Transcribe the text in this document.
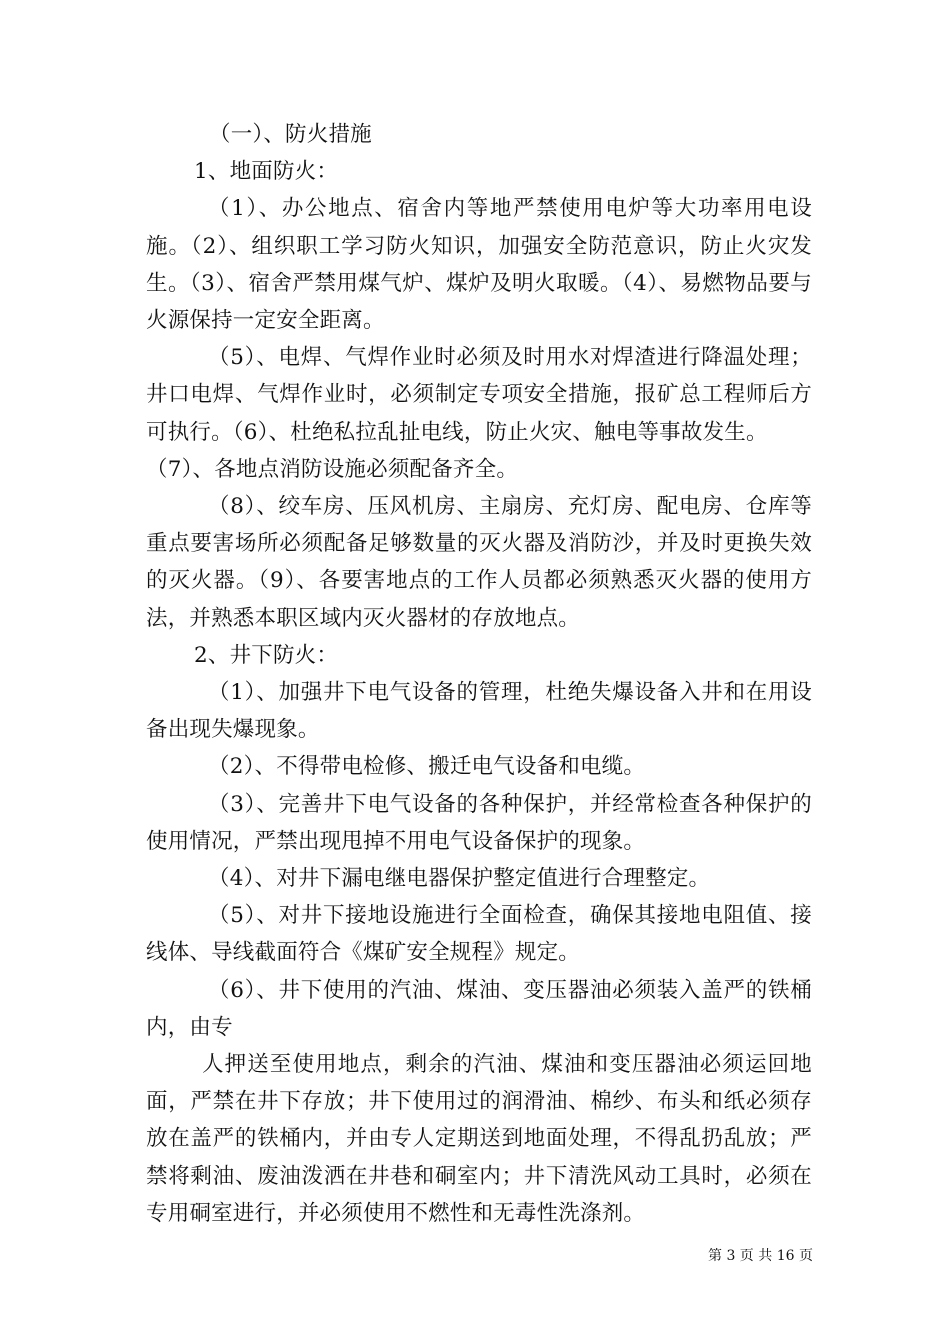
（一）、防火措施

1、地面防火：

（1）、办公地点、宿舍内等地严禁使用电炉等大功率用电设施。（2）、组织职工学习防火知识，加强安全防范意识，防止火灾发生。（3）、宿舍严禁用煤气炉、煤炉及明火取暖。（4）、易燃物品要与火源保持一定安全距离。

（5）、电焊、气焊作业时必须及时用水对焊渣进行降温处理；井口电焊、气焊作业时，必须制定专项安全措施，报矿总工程师后方可执行。（6）、杜绝私拉乱扯电线，防止火灾、触电等事故发生。

（7）、各地点消防设施必须配备齐全。

（8）、绞车房、压风机房、主扇房、充灯房、配电房、仓库等重点要害场所必须配备足够数量的灭火器及消防沙，并及时更换失效的灭火器。（9）、各要害地点的工作人员都必须熟悉灭火器的使用方法，并熟悉本职区域内灭火器材的存放地点。

2、井下防火：

（1）、加强井下电气设备的管理，杜绝失爆设备入井和在用设备出现失爆现象。

（2）、不得带电检修、搬迁电气设备和电缆。

（3）、完善井下电气设备的各种保护，并经常检查各种保护的使用情况，严禁出现甩掉不用电气设备保护的现象。

（4）、对井下漏电继电器保护整定值进行合理整定。

（5）、对井下接地设施进行全面检查，确保其接地电阻值、接线体、导线截面符合《煤矿安全规程》规定。

（6）、井下使用的汽油、煤油、变压器油必须装入盖严的铁桶内，由专

人押送至使用地点，剩余的汽油、煤油和变压器油必须运回地面，严禁在井下存放；井下使用过的润滑油、棉纱、布头和纸必须存放在盖严的铁桶内，并由专人定期送到地面处理，不得乱扔乱放；严禁将剩油、废油泼洒在井巷和硐室内；井下清洗风动工具时，必须在专用硐室进行，并必须使用不燃性和无毒性洗涤剂。

第 3 页 共 16 页
